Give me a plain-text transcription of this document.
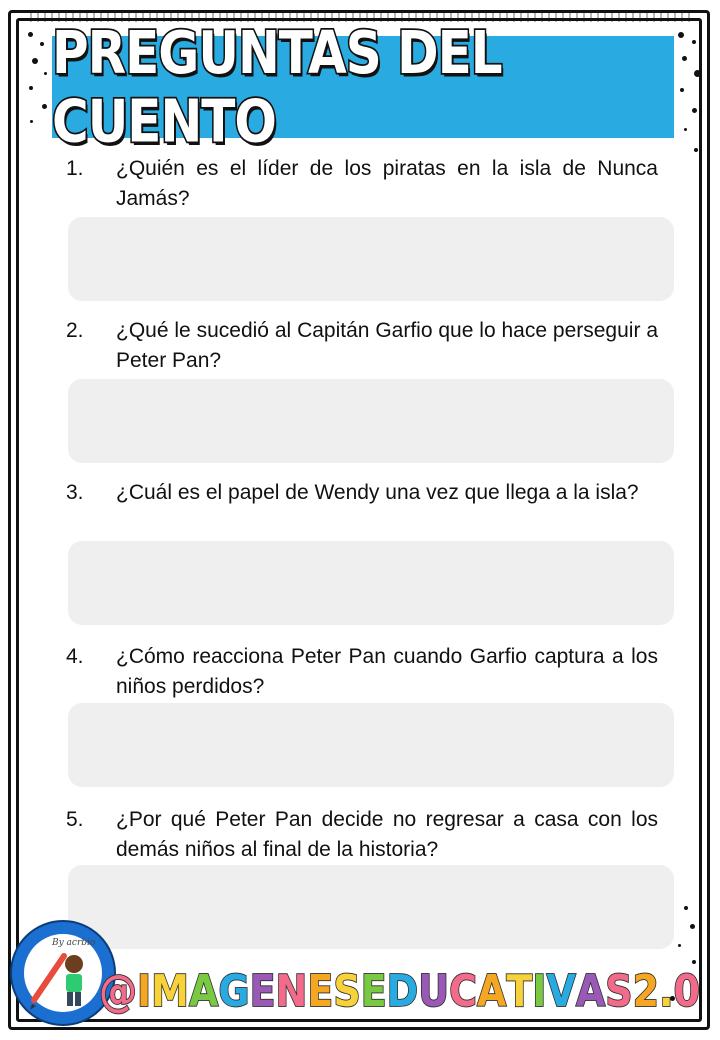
PREGUNTAS DEL CUENTO
1.	¿Quién es el líder de los piratas en la isla de Nunca Jamás?
2.	¿Qué le sucedió al Capitán Garfio que lo hace perseguir a Peter Pan?
3.	¿Cuál es el papel de Wendy una vez que llega a la isla?
4.	¿Cómo reacciona Peter Pan cuando Garfio captura a los niños perdidos?
5.	¿Por qué Peter Pan decide no regresar a casa con los demás niños al final de la historia?
By acrbio
@ I M A G E N E S E D U C A T I V A S 2 . 0
